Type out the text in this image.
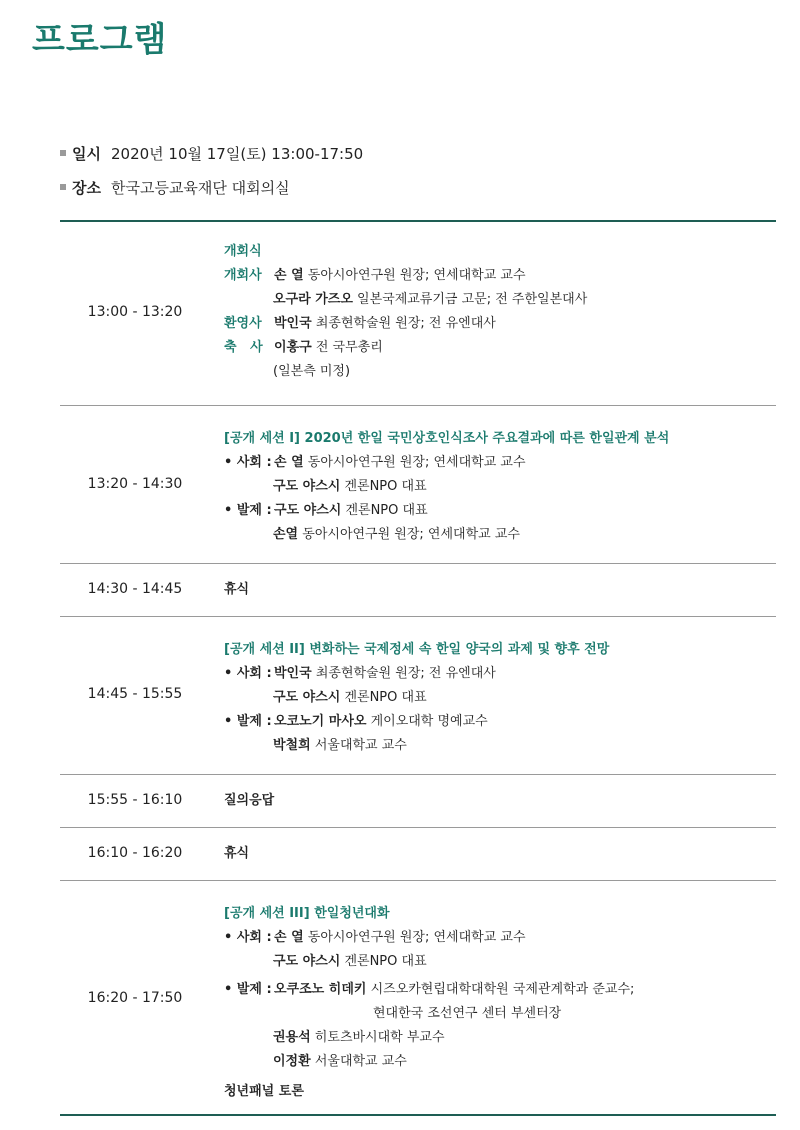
프로그램
일시 2020년 10월 17일(토) 13:00-17:50
장소 한국고등교육재단 대회의실
13:00 - 13:20
개회식
개회사 손 열 동아시아연구원 원장; 연세대학교 교수
오구라 가즈오 일본국제교류기금 고문; 전 주한일본대사
환영사 박인국 최종현학술원 원장; 전 유엔대사
축   사 이홍구 전 국무총리
(일본측 미정)
13:20 - 14:30
[공개 세션 I] 2020년 한일 국민상호인식조사 주요결과에 따른 한일관계 분석
• 사회 : 손 열 동아시아연구원 원장; 연세대학교 교수
구도 야스시 겐론NPO 대표
• 발제 : 구도 야스시 겐론NPO 대표
손열 동아시아연구원 원장; 연세대학교 교수
14:30 - 14:45	휴식
14:45 - 15:55
[공개 세션 II] 변화하는 국제정세 속 한일 양국의 과제 및 향후 전망
• 사회 : 박인국 최종현학술원 원장; 전 유엔대사
구도 야스시 겐론NPO 대표
• 발제 : 오코노기 마사오 게이오대학 명예교수
박철희 서울대학교 교수
15:55 - 16:10	질의응답
16:10 - 16:20	휴식
16:20 - 17:50
[공개 세션 III] 한일청년대화
• 사회 : 손 열 동아시아연구원 원장; 연세대학교 교수
구도 야스시 겐론NPO 대표
• 발제 : 오쿠조노 히데키 시즈오카현립대학대학원 국제관계학과 준교수;
현대한국 조선연구 센터 부센터장
권용석 히토츠바시대학 부교수
이정환 서울대학교 교수
청년패널 토론
